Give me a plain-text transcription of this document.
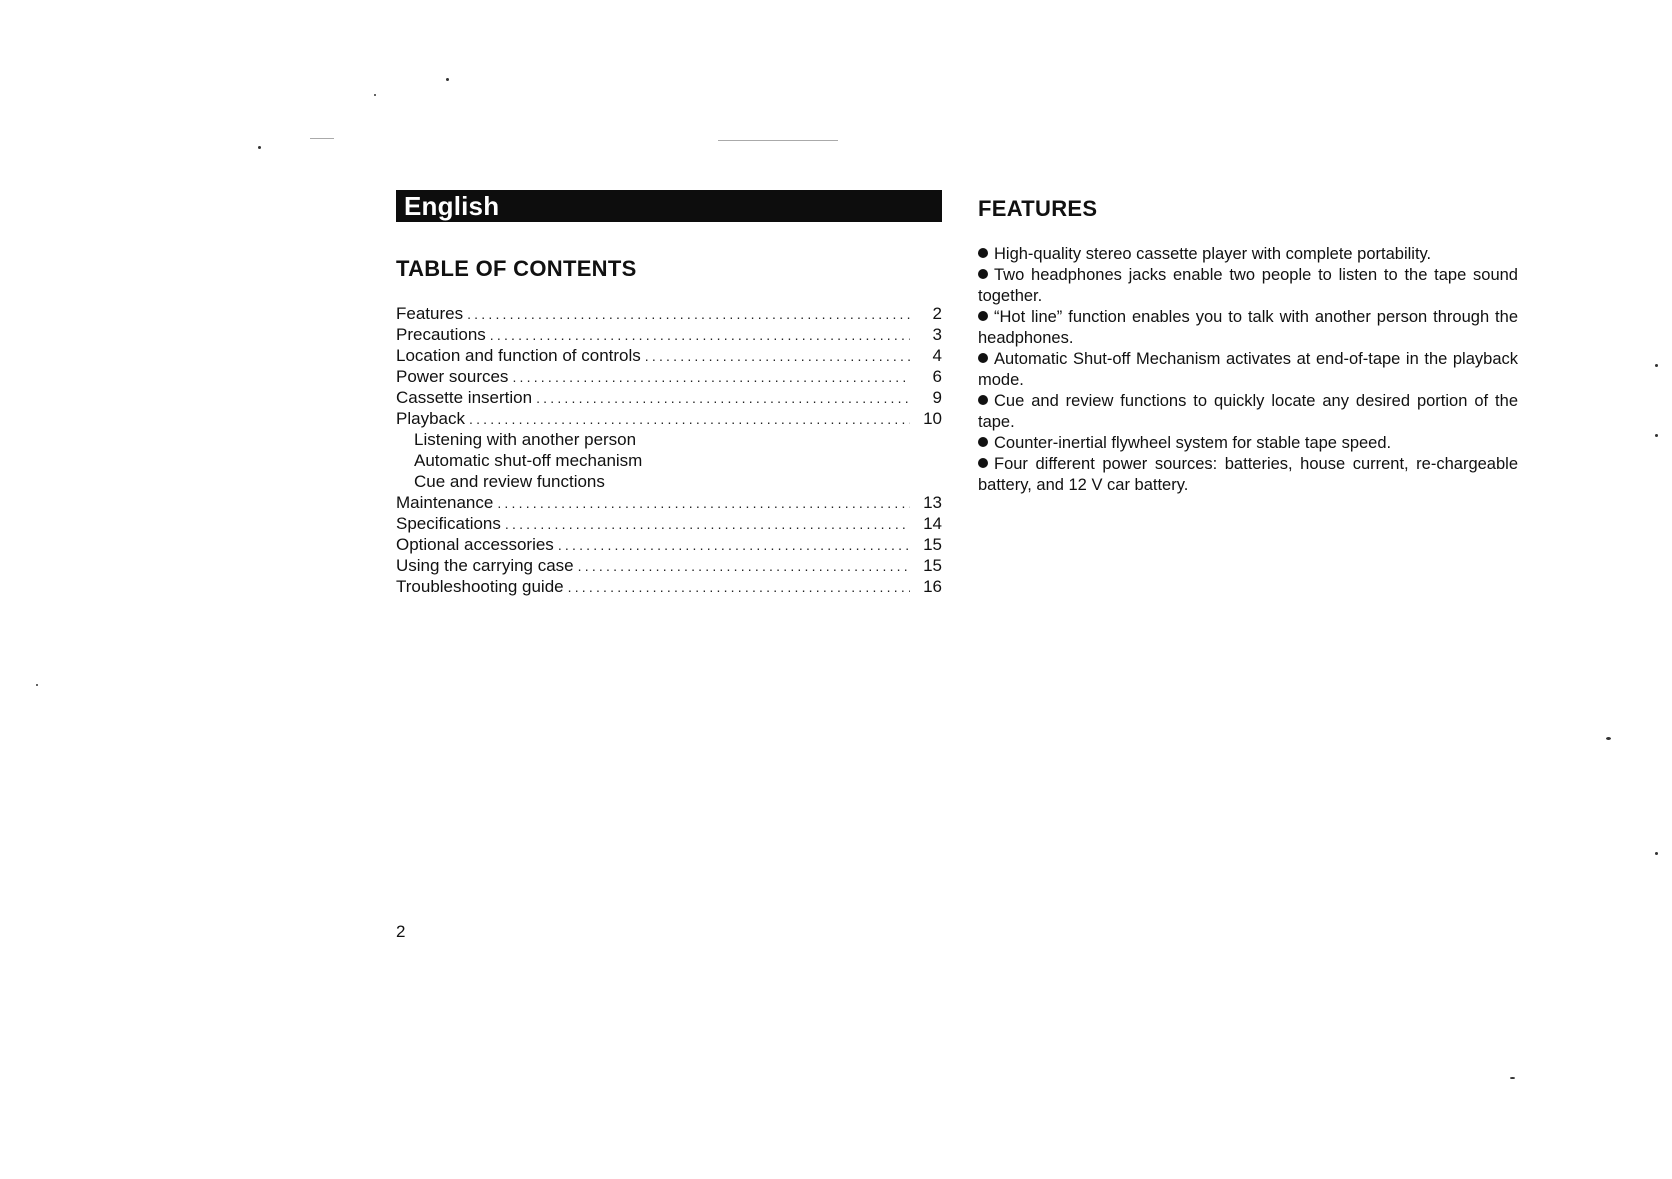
English
TABLE OF CONTENTS
Features .....	2
Precautions .....	3
Location and function of controls .....	4
Power sources .....	6
Cassette insertion .....	9
Playback .....	10
Listening with another person
Automatic shut-off mechanism
Cue and review functions
Maintenance .....	13
Specifications .....	14
Optional accessories .....	15
Using the carrying case .....	15
Troubleshooting guide .....	16
2
FEATURES

High-quality stereo cassette player with complete portability.

Two headphones jacks enable two people to listen to the tape sound together.

“Hot line” function enables you to talk with another person through the headphones.

Automatic Shut-off Mechanism activates at end-of-tape in the playback mode.

Cue and review functions to quickly locate any desired portion of the tape.

Counter-inertial flywheel system for stable tape speed.

Four different power sources: batteries, house current, re-chargeable battery, and 12 V car battery.
